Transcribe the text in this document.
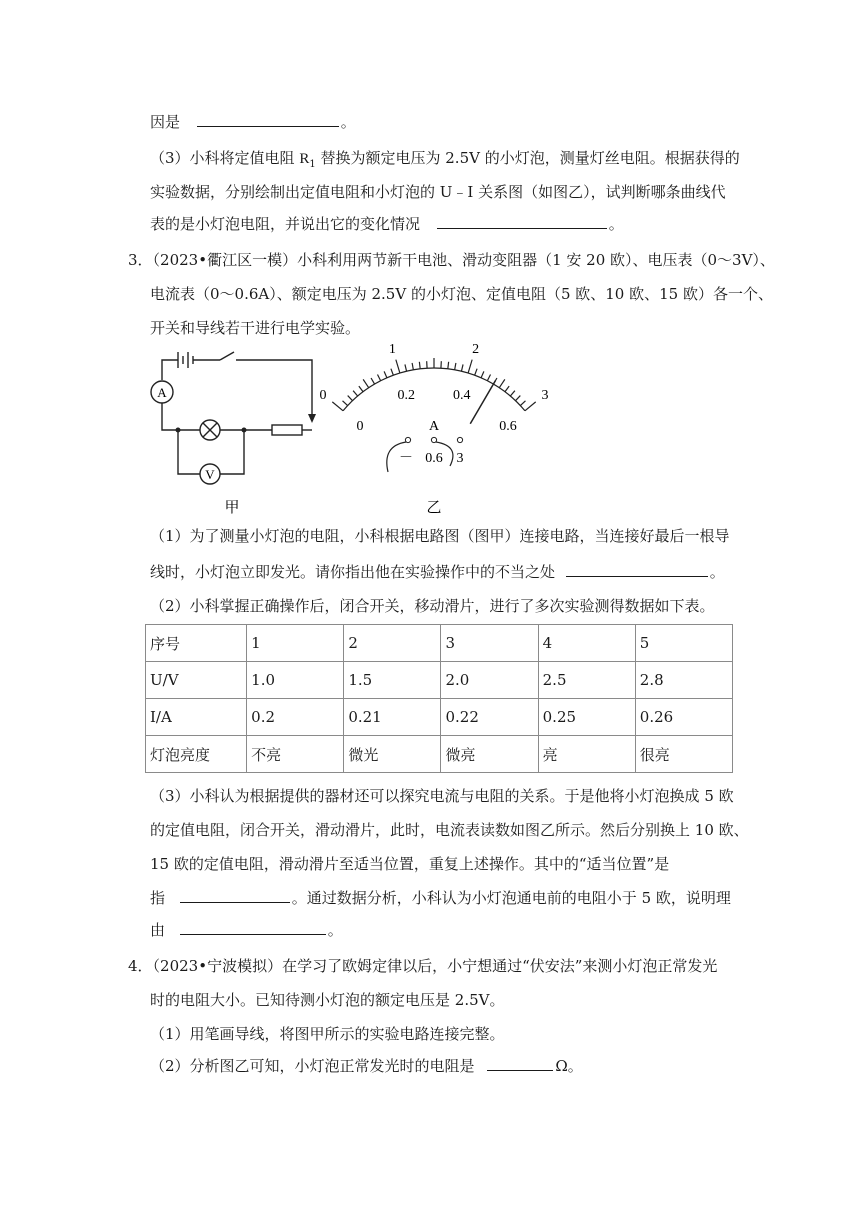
因是	。
（3）小科将定值电阻 $R_1$ 替换为额定电压为 2.5V 的小灯泡，测量灯丝电阻。根据获得的
实验数据，分别绘制出定值电阻和小灯泡的 U﹣I 关系图（如图乙），试判断哪条曲线代
表的是小灯泡电阻，并说出它的变化情况	。
3．（2023•衢江区一模）小科利用两节新干电池、滑动变阻器（1 安 20 欧）、电压表（0～3V）、
电流表（0～0.6A）、额定电压为 2.5V 的小灯泡、定值电阻（5 欧、10 欧、15 欧）各一个、
开关和导线若干进行电学实验。
A
V
甲
0
1	2
3
0
0.2	0.4
0.6
A
－ 0.6 3
乙
（1）为了测量小灯泡的电阻，小科根据电路图（图甲）连接电路，当连接好最后一根导
线时，小灯泡立即发光。请你指出他在实验操作中的不当之处	。
（2）小科掌握正确操作后，闭合开关，移动滑片，进行了多次实验测得数据如下表。
序号	1	2	3	4	5
U/V	1.0	1.5	2.0	2.5	2.8
I/A	0.2	0.21	0.22	0.25	0.26
灯泡亮度	不亮	微光	微亮	亮	很亮
（3）小科认为根据提供的器材还可以探究电流与电阻的关系。于是他将小灯泡换成 5 欧
的定值电阻，闭合开关，滑动滑片，此时，电流表读数如图乙所示。然后分别换上 10 欧、
15 欧的定值电阻，滑动滑片至适当位置，重复上述操作。其中的“适当位置”是
指	。通过数据分析，小科认为小灯泡通电前的电阻小于 5 欧，说明理
由	。
4．（2023•宁波模拟）在学习了欧姆定律以后，小宁想通过“伏安法”来测小灯泡正常发光
时的电阻大小。已知待测小灯泡的额定电压是 2.5V。
（1）用笔画导线，将图甲所示的实验电路连接完整。
（2）分析图乙可知，小灯泡正常发光时的电阻是	Ω。
